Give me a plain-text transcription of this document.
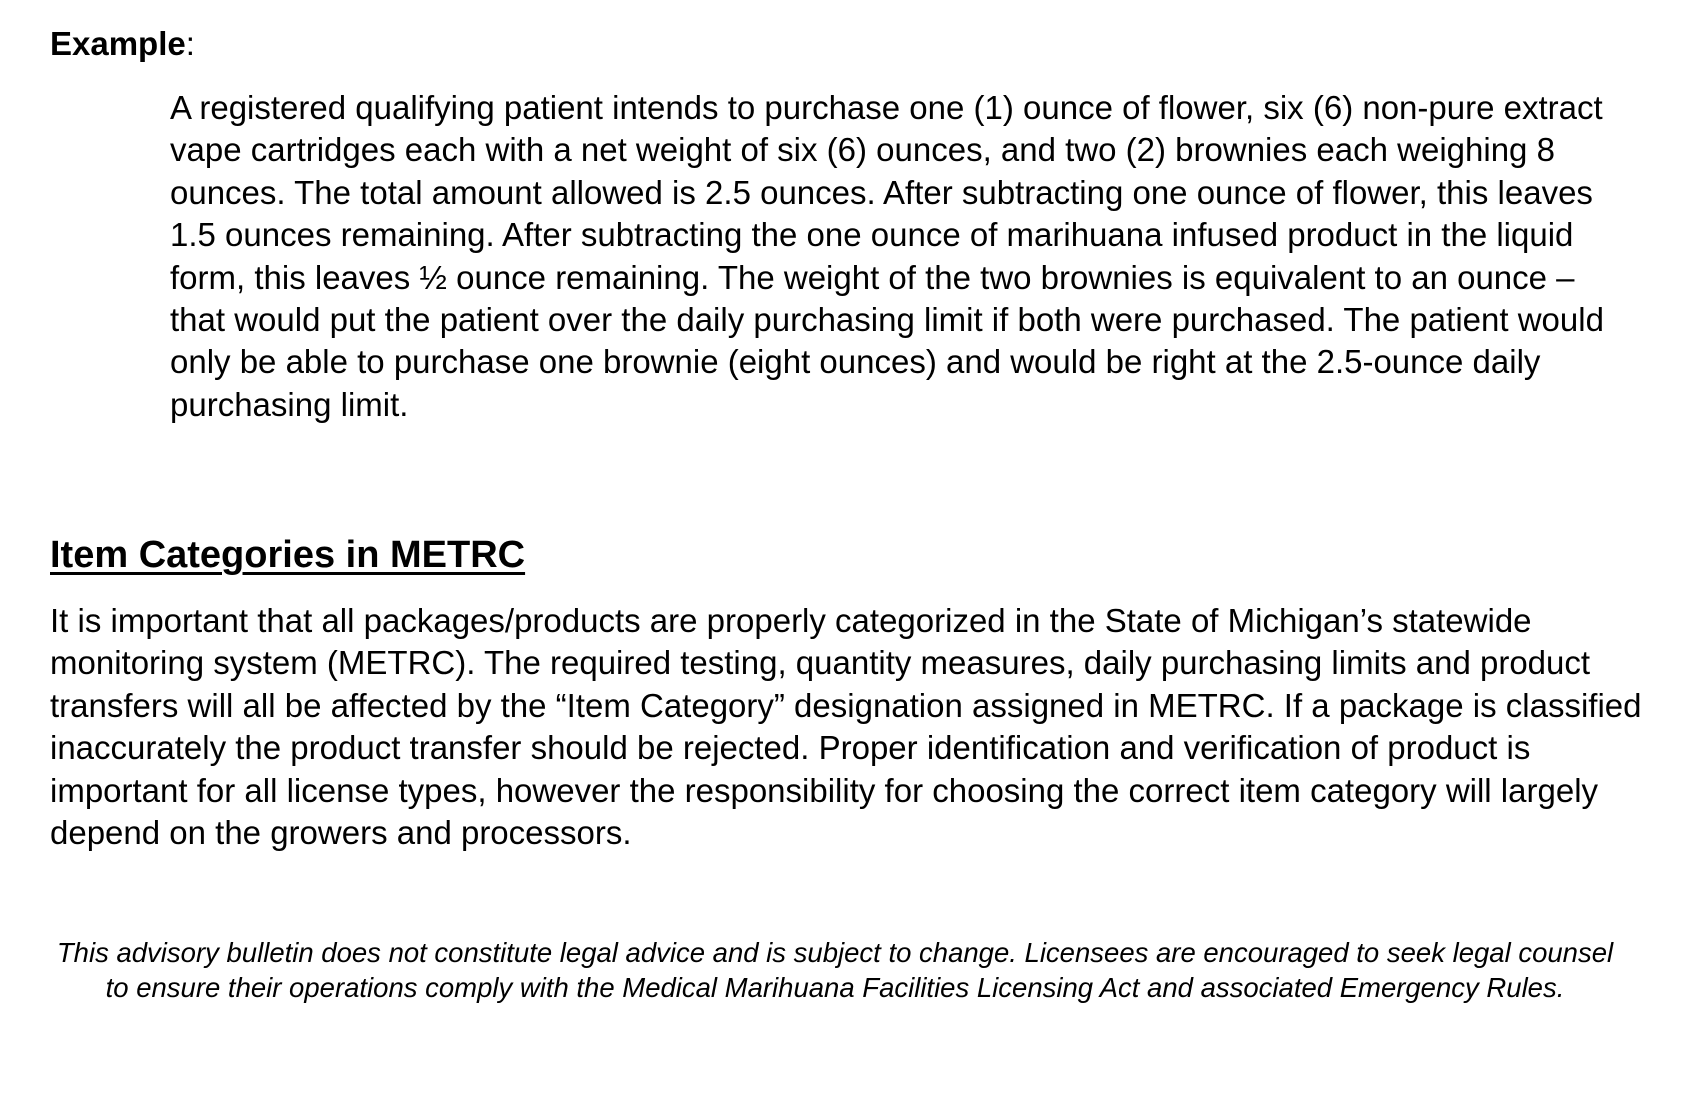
Example:

A registered qualifying patient intends to purchase one (1) ounce of flower, six (6) non-pure extract vape cartridges each with a net weight of six (6) ounces, and two (2) brownies each weighing 8 ounces. The total amount allowed is 2.5 ounces. After subtracting one ounce of flower, this leaves 1.5 ounces remaining. After subtracting the one ounce of marihuana infused product in the liquid form, this leaves ½ ounce remaining. The weight of the two brownies is equivalent to an ounce – that would put the patient over the daily purchasing limit if both were purchased. The patient would only be able to purchase one brownie (eight ounces) and would be right at the 2.5-ounce daily purchasing limit.

Item Categories in METRC

It is important that all packages/products are properly categorized in the State of Michigan’s statewide monitoring system (METRC). The required testing, quantity measures, daily purchasing limits and product transfers will all be affected by the “Item Category” designation assigned in METRC. If a package is classified inaccurately the product transfer should be rejected. Proper identification and verification of product is important for all license types, however the responsibility for choosing the correct item category will largely depend on the growers and processors.

This advisory bulletin does not constitute legal advice and is subject to change. Licensees are encouraged to seek legal counsel to ensure their operations comply with the Medical Marihuana Facilities Licensing Act and associated Emergency Rules.
